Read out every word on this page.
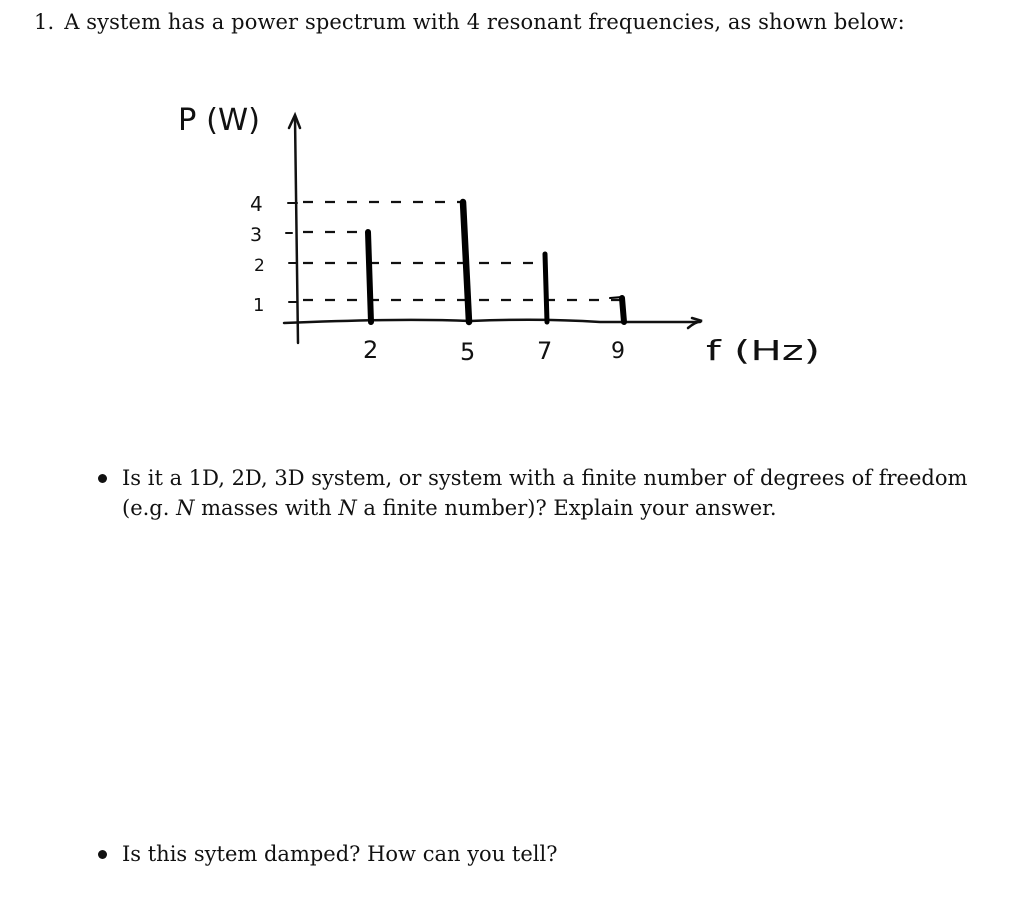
1. A system has a power spectrum with 4 resonant frequencies, as shown below:
P (W)
4
3
2
1
2	5	7	9	f (Hz)
Is it a 1D, 2D, 3D system, or system with a finite number of degrees of freedom
(e.g. N masses with N a finite number)? Explain your answer.
Is this sytem damped? How can you tell?
